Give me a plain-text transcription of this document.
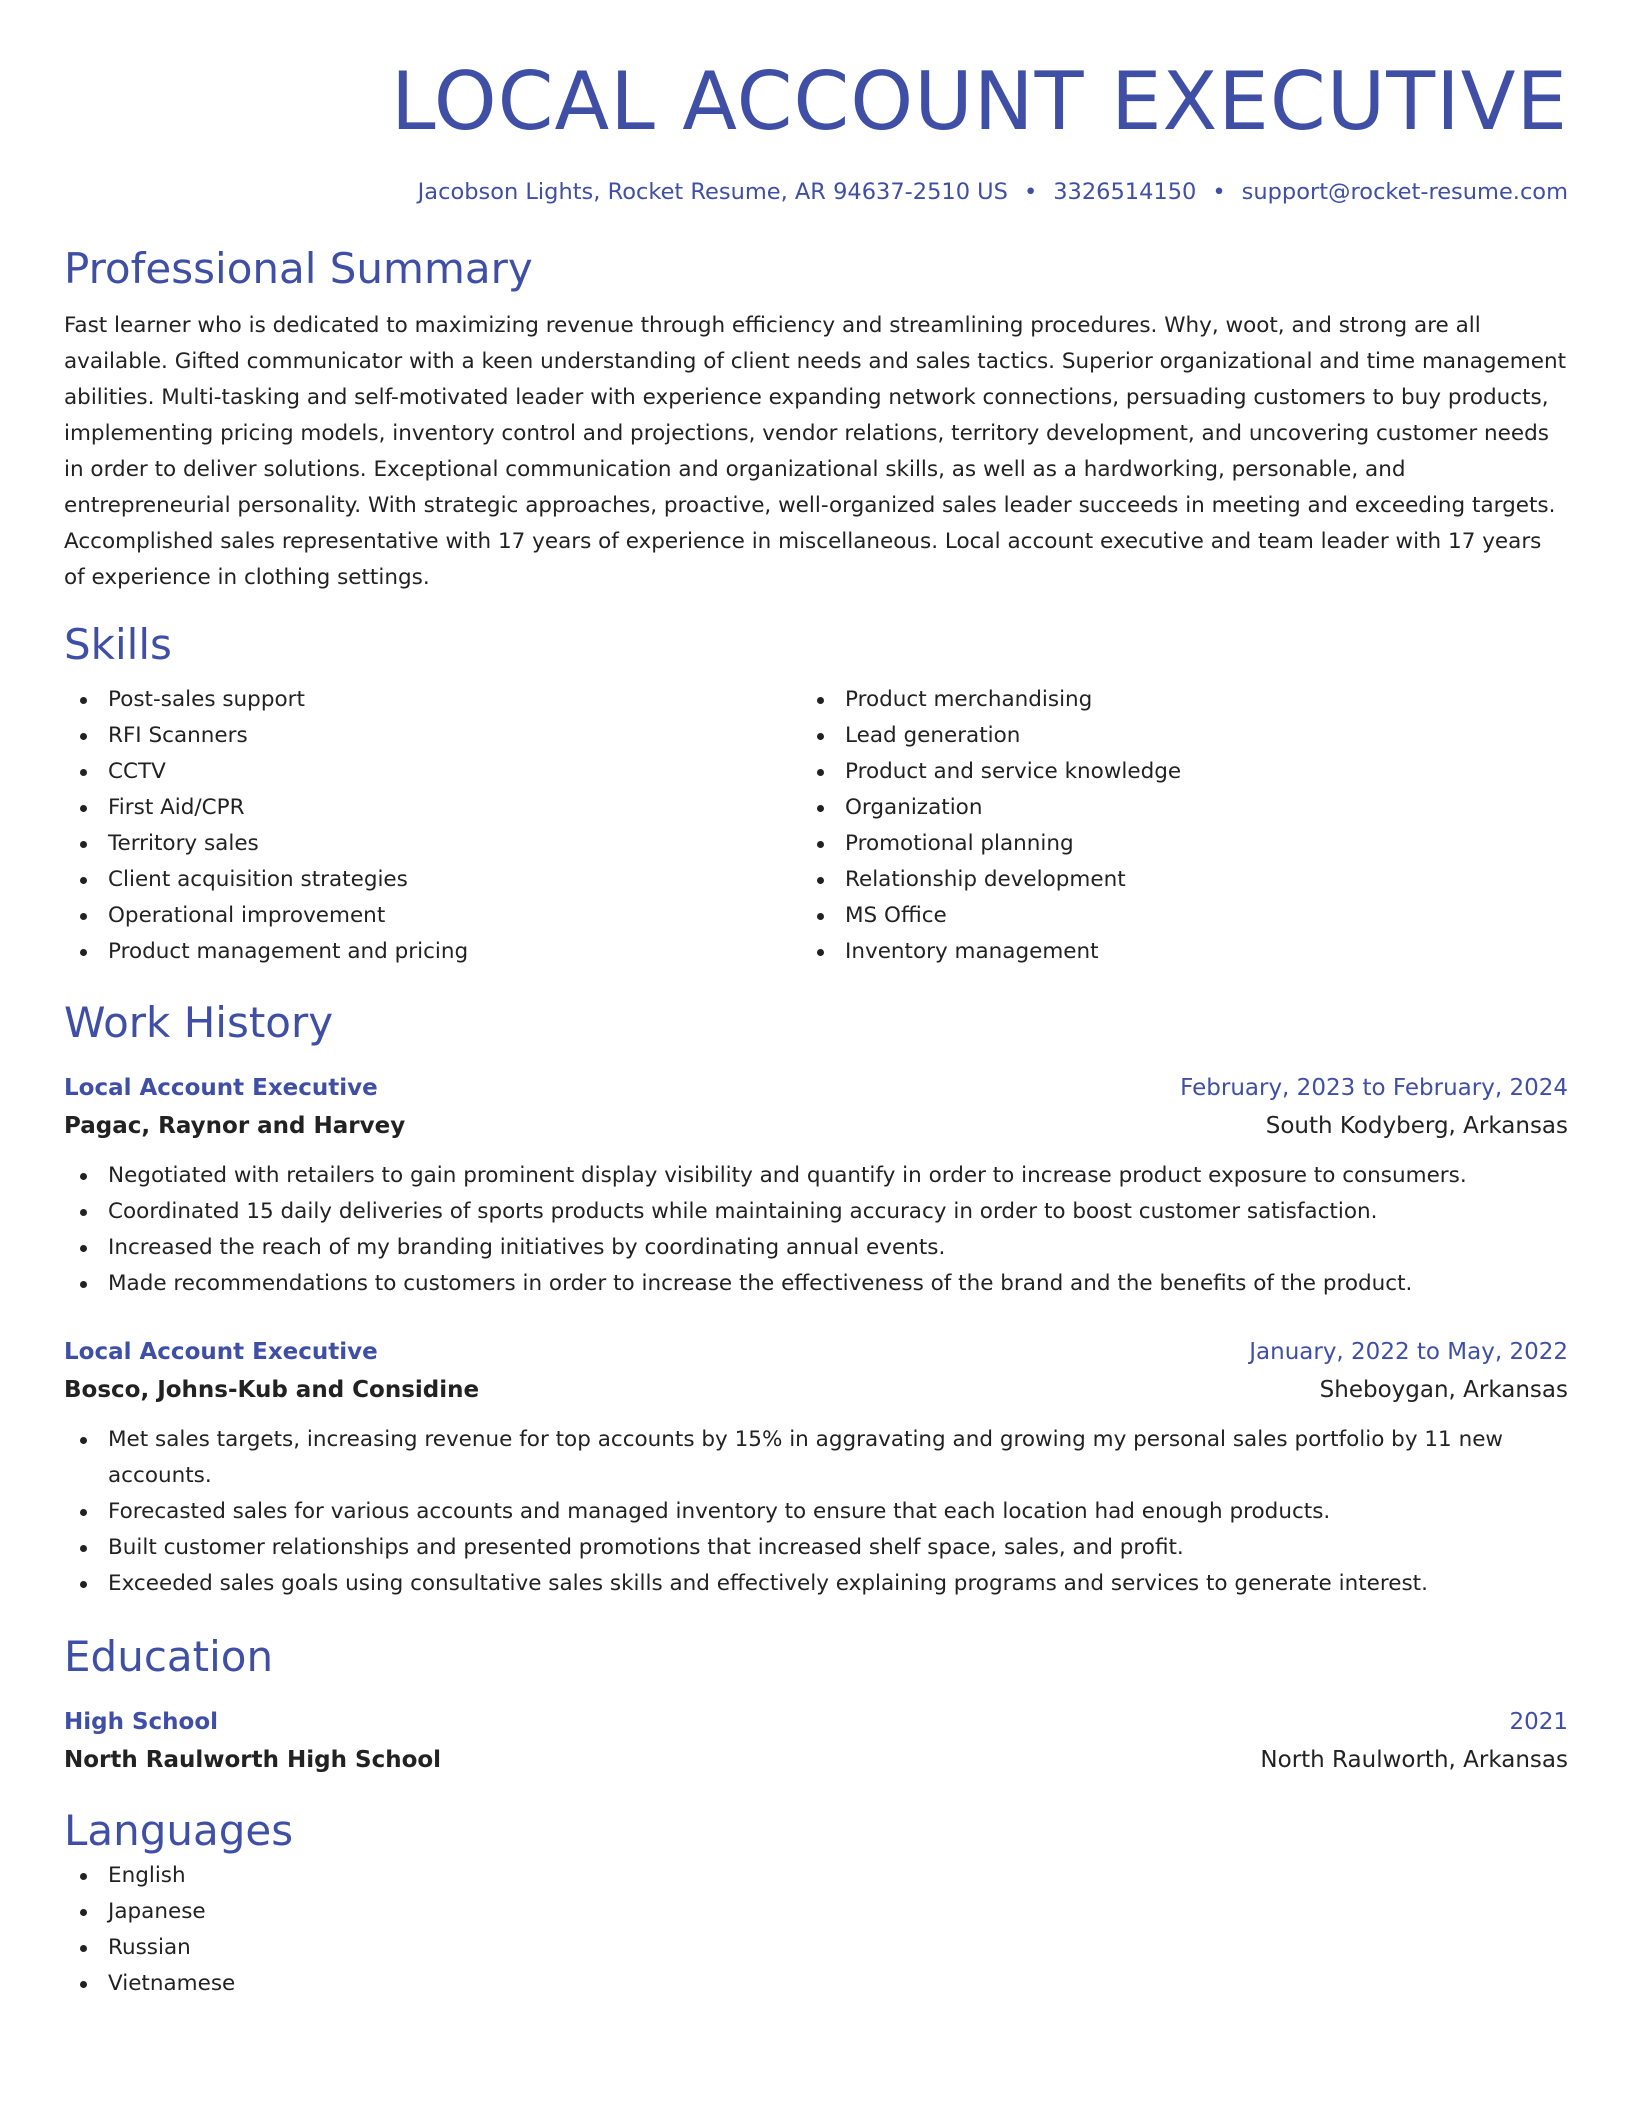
LOCAL ACCOUNT EXECUTIVE
Jacobson Lights, Rocket Resume, AR 94637-2510 US • 3326514150 • support@rocket-resume.com
Professional Summary

Fast learner who is dedicated to maximizing revenue through efficiency and streamlining procedures. Why, woot, and strong are all available. Gifted communicator with a keen understanding of client needs and sales tactics. Superior organizational and time management abilities. Multi-tasking and self-motivated leader with experience expanding network connections, persuading customers to buy products, implementing pricing models, inventory control and projections, vendor relations, territory development, and uncovering customer needs in order to deliver solutions. Exceptional communication and organizational skills, as well as a hardworking, personable, and entrepreneurial personality. With strategic approaches, proactive, well-organized sales leader succeeds in meeting and exceeding targets. Accomplished sales representative with 17 years of experience in miscellaneous. Local account executive and team leader with 17 years of experience in clothing settings.

Skills
Post-sales support
RFI Scanners
CCTV
First Aid/CPR
Territory sales
Client acquisition strategies
Operational improvement
Product management and pricing
Product merchandising
Lead generation
Product and service knowledge
Organization
Promotional planning
Relationship development
MS Office
Inventory management
Work History
Local Account Executive	February, 2023 to February, 2024
Pagac, Raynor and Harvey	South Kodyberg, Arkansas
Negotiated with retailers to gain prominent display visibility and quantify in order to increase product exposure to consumers.
Coordinated 15 daily deliveries of sports products while maintaining accuracy in order to boost customer satisfaction.
Increased the reach of my branding initiatives by coordinating annual events.
Made recommendations to customers in order to increase the effectiveness of the brand and the benefits of the product.
Local Account Executive	January, 2022 to May, 2022
Bosco, Johns-Kub and Considine	Sheboygan, Arkansas
Met sales targets, increasing revenue for top accounts by 15% in aggravating and growing my personal sales portfolio by 11 new accounts.
Forecasted sales for various accounts and managed inventory to ensure that each location had enough products.
Built customer relationships and presented promotions that increased shelf space, sales, and profit.
Exceeded sales goals using consultative sales skills and effectively explaining programs and services to generate interest.
Education
High School	2021
North Raulworth High School	North Raulworth, Arkansas
Languages
English
Japanese
Russian
Vietnamese
